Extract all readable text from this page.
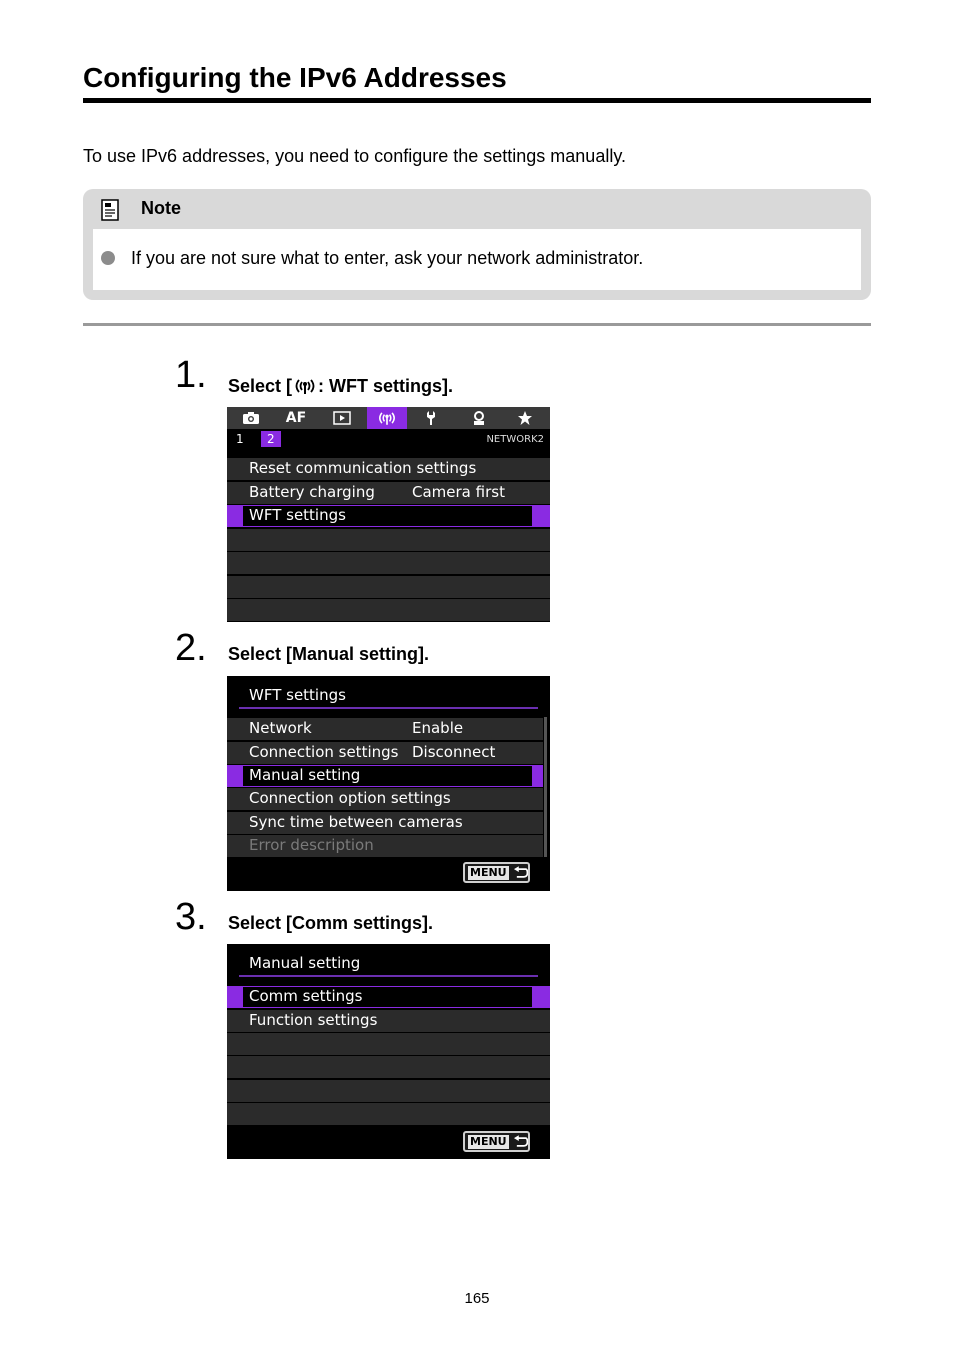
Configuring the IPv6 Addresses
To use IPv6 addresses, you need to configure the settings manually.
Note
If you are not sure what to enter, ask your network administrator.
1. Select [ : WFT settings].
AF
1	2	NETWORK2
Reset communication settings
Battery charging Camera first
WFT settings
2. Select [Manual setting].
WFT settings
Network	Enable
Connection settings Disconnect
Manual setting
Connection option settings
Sync time between cameras
Error description
MENU
3. Select [Comm settings].
Manual setting
Comm settings
Function settings
MENU
165
